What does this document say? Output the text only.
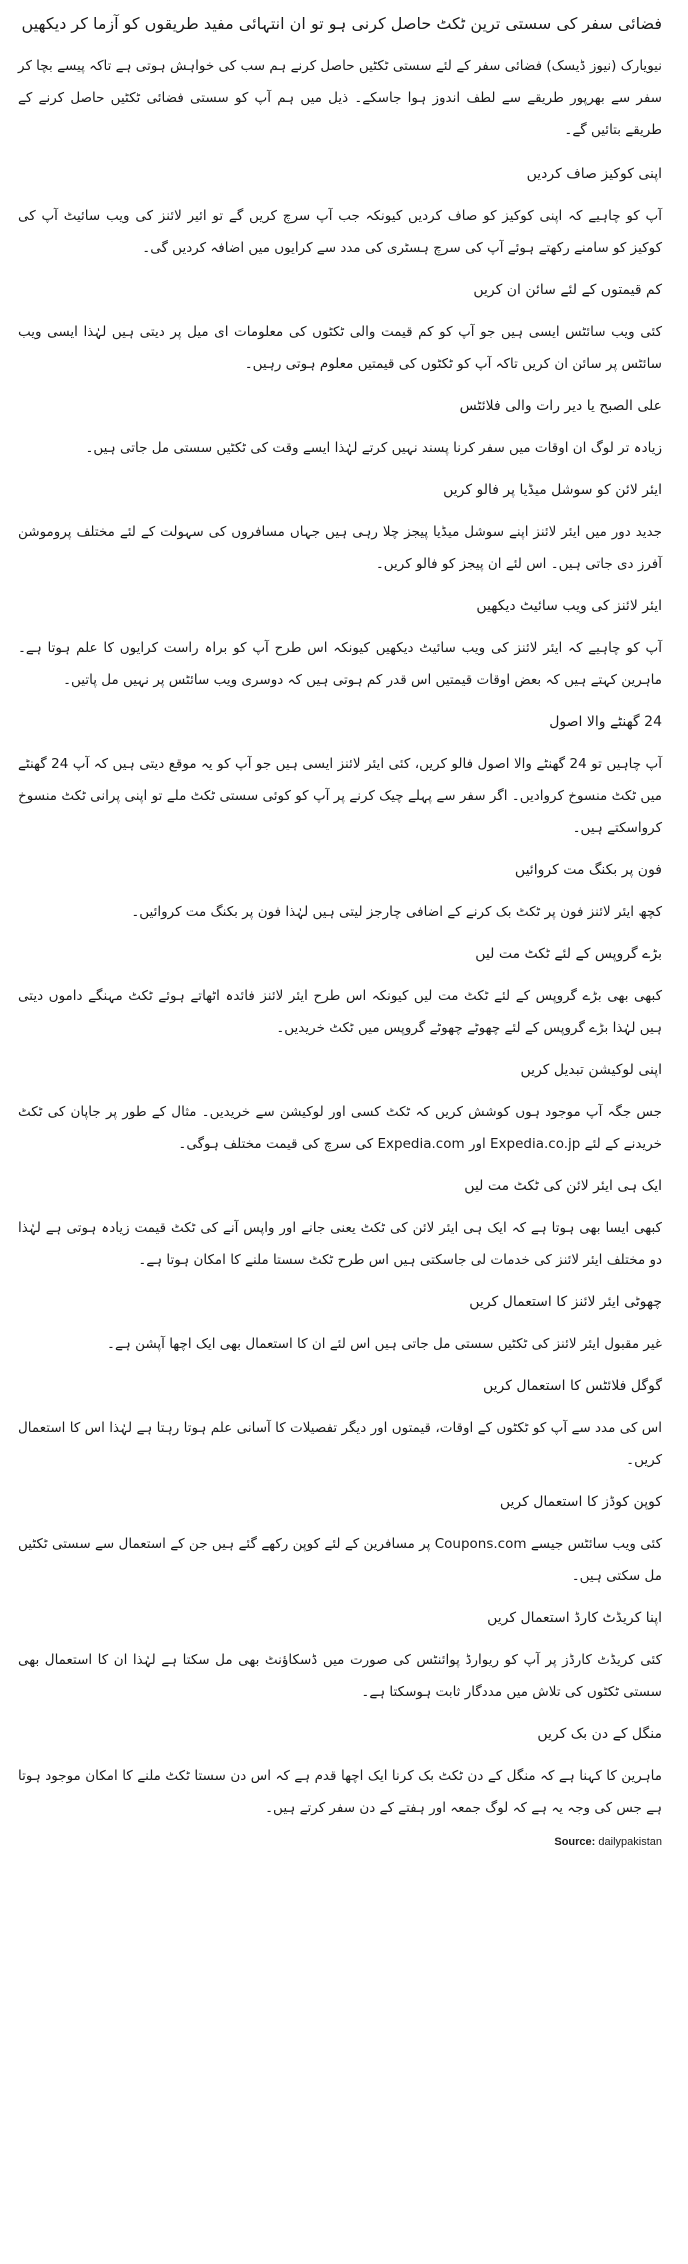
فضائی سفر کی سستی ترین ٹکٹ حاصل کرنی ہو تو ان انتہائی مفید طریقوں کو آزما کر دیکھیں

نیویارک (نیوز ڈیسک) فضائی سفر کے لئے سستی ٹکٹیں حاصل کرنے ہم سب کی خواہش ہوتی ہے تاکہ پیسے بچا کر سفر سے بھرپور طریقے سے لطف اندوز ہوا جاسکے۔ ذیل میں ہم آپ کو سستی فضائی ٹکٹیں حاصل کرنے کے طریقے بتائیں گے۔

اپنی کوکیز صاف کردیں

آپ کو چاہیے کہ اپنی کوکیز کو صاف کردیں کیونکہ جب آپ سرچ کریں گے تو ائیر لائنز کی ویب سائیٹ آپ کی کوکیز کو سامنے رکھتے ہوئے آپ کی سرچ ہسٹری کی مدد سے کرایوں میں اضافہ کردیں گی۔

کم قیمتوں کے لئے سائن ان کریں

کئی ویب سائٹس ایسی ہیں جو آپ کو کم قیمت والی ٹکٹوں کی معلومات ای میل پر دیتی ہیں لہٰذا ایسی ویب سائٹس پر سائن ان کریں تاکہ آپ کو ٹکٹوں کی قیمتیں معلوم ہوتی رہیں۔

علی الصبح یا دیر رات والی فلائٹس

زیادہ تر لوگ ان اوقات میں سفر کرنا پسند نہیں کرتے لہٰذا ایسے وقت کی ٹکٹیں سستی مل جاتی ہیں۔

ایئر لائن کو سوشل میڈیا پر فالو کریں

جدید دور میں ایئر لائنز اپنے سوشل میڈیا پیجز چلا رہی ہیں جہاں مسافروں کی سہولت کے لئے مختلف پروموشن آفرز دی جاتی ہیں۔ اس لئے ان پیجز کو فالو کریں۔

ایئر لائنز کی ویب سائیٹ دیکھیں

آپ کو چاہیے کہ ایئر لائنز کی ویب سائیٹ دیکھیں کیونکہ اس طرح آپ کو براہ راست کرایوں کا علم ہوتا ہے۔ ماہرین کہتے ہیں کہ بعض اوقات قیمتیں اس قدر کم ہوتی ہیں کہ دوسری ویب سائٹس پر نہیں مل پاتیں۔

24 گھنٹے والا اصول

آپ چاہیں تو 24 گھنٹے والا اصول فالو کریں، کئی ایئر لائنز ایسی ہیں جو آپ کو یہ موقع دیتی ہیں کہ آپ 24 گھنٹے میں ٹکٹ منسوخ کروادیں۔ اگر سفر سے پہلے چیک کرنے پر آپ کو کوئی سستی ٹکٹ ملے تو اپنی پرانی ٹکٹ منسوخ کرواسکتے ہیں۔

فون پر بکنگ مت کروائیں

کچھ ایئر لائنز فون پر ٹکٹ بک کرنے کے اضافی چارجز لیتی ہیں لہٰذا فون پر بکنگ مت کروائیں۔

بڑے گروپس کے لئے ٹکٹ مت لیں

کبھی بھی بڑے گروپس کے لئے ٹکٹ مت لیں کیونکہ اس طرح ایئر لائنز فائدہ اٹھاتے ہوئے ٹکٹ مہنگے داموں دیتی ہیں لہٰذا بڑے گروپس کے لئے چھوٹے چھوٹے گروپس میں ٹکٹ خریدیں۔

اپنی لوکیشن تبدیل کریں

جس جگہ آپ موجود ہوں کوشش کریں کہ ٹکٹ کسی اور لوکیشن سے خریدیں۔ مثال کے طور پر جاپان کی ٹکٹ خریدنے کے لئے Expedia.co.jp اور Expedia.com کی سرچ کی قیمت مختلف ہوگی۔

ایک ہی ایئر لائن کی ٹکٹ مت لیں

کبھی ایسا بھی ہوتا ہے کہ ایک ہی ایئر لائن کی ٹکٹ یعنی جانے اور واپس آنے کی ٹکٹ قیمت زیادہ ہوتی ہے لہٰذا دو مختلف ایئر لائنز کی خدمات لی جاسکتی ہیں اس طرح ٹکٹ سستا ملنے کا امکان ہوتا ہے۔

چھوٹی ایئر لائنز کا استعمال کریں

غیر مقبول ایئر لائنز کی ٹکٹیں سستی مل جاتی ہیں اس لئے ان کا استعمال بھی ایک اچھا آپشن ہے۔

گوگل فلائٹس کا استعمال کریں

اس کی مدد سے آپ کو ٹکٹوں کے اوقات، قیمتوں اور دیگر تفصیلات کا آسانی علم ہوتا رہتا ہے لہٰذا اس کا استعمال کریں۔

کوپن کوڈز کا استعمال کریں

کئی ویب سائٹس جیسے Coupons.com پر مسافرین کے لئے کوپن رکھے گئے ہیں جن کے استعمال سے سستی ٹکٹیں مل سکتی ہیں۔

اپنا کریڈٹ کارڈ استعمال کریں

کئی کریڈٹ کارڈز پر آپ کو ریوارڈ پوائنٹس کی صورت میں ڈسکاؤنٹ بھی مل سکتا ہے لہٰذا ان کا استعمال بھی سستی ٹکٹوں کی تلاش میں مددگار ثابت ہوسکتا ہے۔

منگل کے دن بک کریں

ماہرین کا کہنا ہے کہ منگل کے دن ٹکٹ بک کرنا ایک اچھا قدم ہے کہ اس دن سستا ٹکٹ ملنے کا امکان موجود ہوتا ہے جس کی وجہ یہ ہے کہ لوگ جمعہ اور ہفتے کے دن سفر کرتے ہیں۔

Source: dailypakistan
